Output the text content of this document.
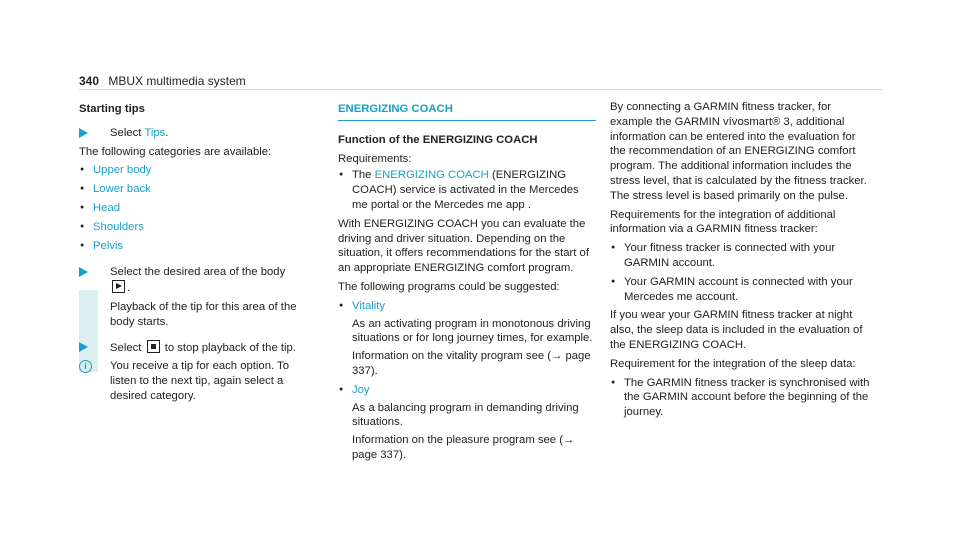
340 MBUX multimedia system
Starting tips
Select Tips.

The following categories are available:

● Upper body
● Lower back
● Head
● Shoulders
● Pelvis
Select the desired area of the body .
Playback of the tip for this area of the body starts.
Select to stop playback of the tip.
i	You receive a tip for each option. To listen to the next tip, again select a desired category.
ENERGIZING COACH
Function of the ENERGIZING COACH

Requirements:

● The ENERGIZING COACH (ENERGIZING COACH) service is activated in the Mercedes me portal or the Mercedes me app .

With ENERGIZING COACH you can evaluate the driving and driver situation. Depending on the situation, it offers recommendations for the start of an appropriate ENERGIZING comfort program.

The following programs could be suggested:

● Vitality
As an activating program in monotonous driving situations or for long journey times, for example.
Information on the vitality program see (→ page 337).
● Joy
As a balancing program in demanding driving situations.
Information on the pleasure program see (→ page 337).

By connecting a GARMIN fitness tracker, for example the GARMIN vívosmart® 3, additional information can be entered into the evaluation for the recommendation of an ENERGIZING comfort program. The additional information includes the stress level, that is calculated by the fitness tracker. The stress level is based primarily on the pulse.

Requirements for the integration of additional information via a GARMIN fitness tracker:

● Your fitness tracker is connected with your GARMIN account.
● Your GARMIN account is connected with your Mercedes me account.

If you wear your GARMIN fitness tracker at night also, the sleep data is included in the evaluation of the ENERGIZING COACH.

Requirement for the integration of the sleep data:

● The GARMIN fitness tracker is synchronised with the GARMIN account before the beginning of the journey.
